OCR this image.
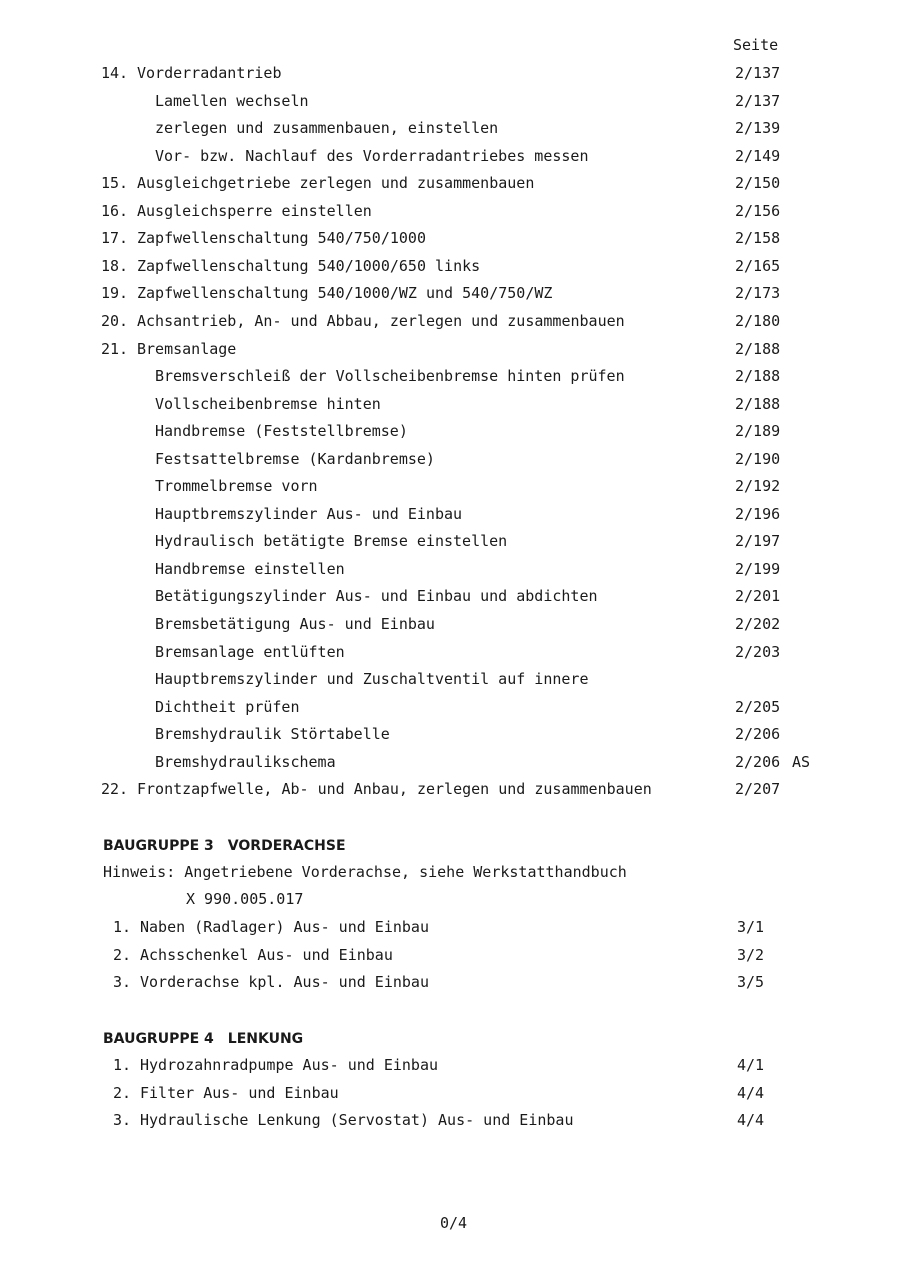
Seite
14. Vorderradantrieb	2/137
Lamellen wechseln	2/137
zerlegen und zusammenbauen, einstellen	2/139
Vor- bzw. Nachlauf des Vorderradantriebes messen	2/149
15. Ausgleichgetriebe zerlegen und zusammenbauen	2/150
16. Ausgleichsperre einstellen	2/156
17. Zapfwellenschaltung 540/750/1000	2/158
18. Zapfwellenschaltung 540/1000/650 links	2/165
19. Zapfwellenschaltung 540/1000/WZ und 540/750/WZ	2/173
20. Achsantrieb, An- und Abbau, zerlegen und zusammenbauen	2/180
21. Bremsanlage	2/188
Bremsverschleiß der Vollscheibenbremse hinten prüfen	2/188
Vollscheibenbremse hinten	2/188
Handbremse (Feststellbremse)	2/189
Festsattelbremse (Kardanbremse)	2/190
Trommelbremse vorn	2/192
Hauptbremszylinder Aus- und Einbau	2/196
Hydraulisch betätigte Bremse einstellen	2/197
Handbremse einstellen	2/199
Betätigungszylinder Aus- und Einbau und abdichten	2/201
Bremsbetätigung Aus- und Einbau	2/202
Bremsanlage entlüften	2/203
Hauptbremszylinder und Zuschaltventil auf innere
Dichtheit prüfen	2/205
Bremshydraulik Störtabelle	2/206
Bremshydraulikschema	2/206 AS
22. Frontzapfwelle, Ab- und Anbau, zerlegen und zusammenbauen	2/207
BAUGRUPPE 3 VORDERACHSE
Hinweis: Angetriebene Vorderachse, siehe Werkstatthandbuch
X 990.005.017
1. Naben (Radlager) Aus- und Einbau	3/1
2. Achsschenkel Aus- und Einbau	3/2
3. Vorderachse kpl. Aus- und Einbau	3/5
BAUGRUPPE 4 LENKUNG
1. Hydrozahnradpumpe Aus- und Einbau	4/1
2. Filter Aus- und Einbau	4/4
3. Hydraulische Lenkung (Servostat) Aus- und Einbau	4/4
0/4
